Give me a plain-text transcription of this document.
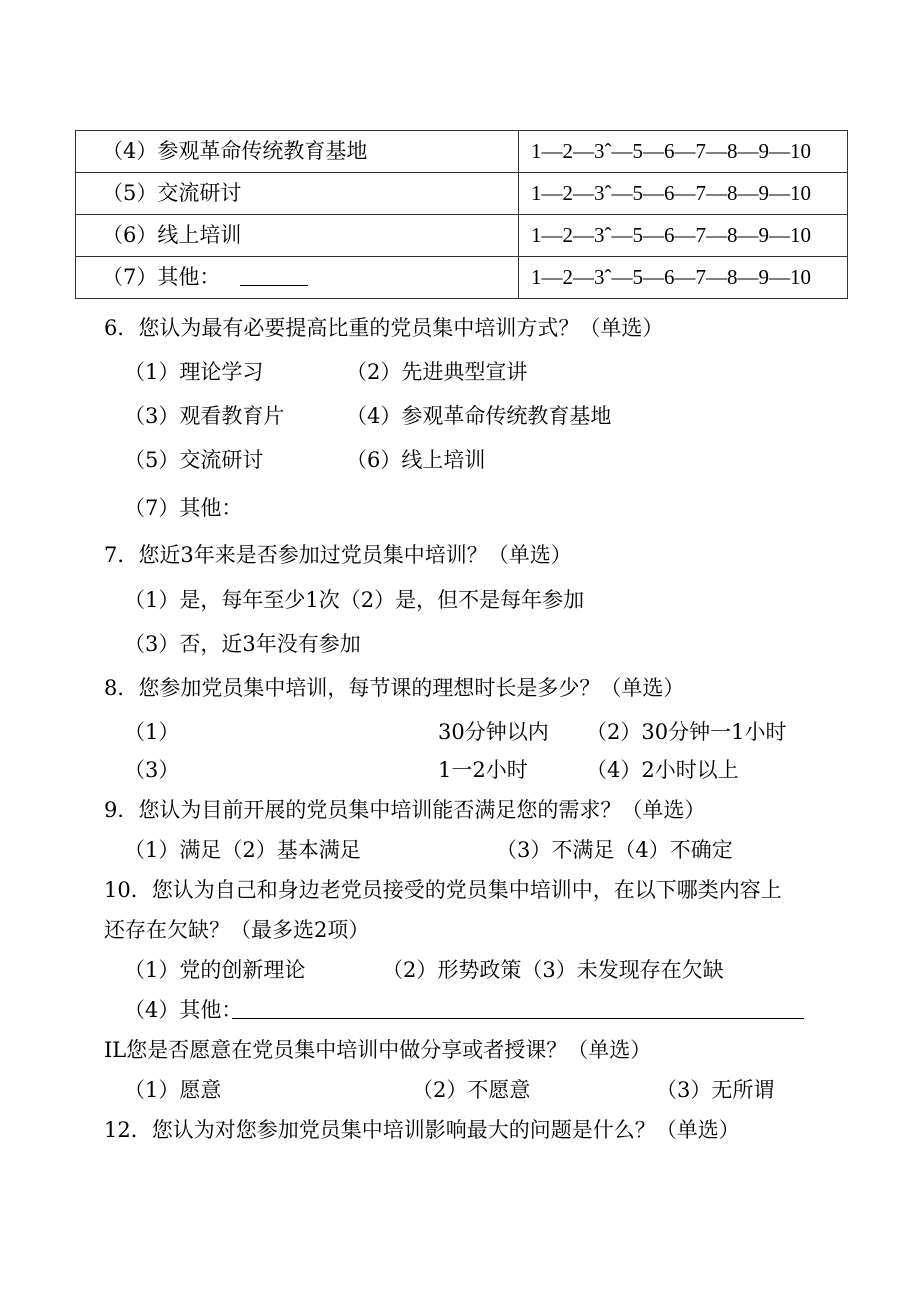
（4）参观革命传统教育基地	1—2—3ˆ—5—6—7—8—9—10
（5）交流研讨	1—2—3ˆ—5—6—7—8—9—10
（6）线上培训	1—2—3ˆ—5—6—7—8—9—10
（7）其他：	1—2—3ˆ—5—6—7—8—9—10
6．您认为最有必要提高比重的党员集中培训方式？（单选）
（1）理论学习	（2）先进典型宣讲
（3）观看教育片	（4）参观革命传统教育基地
（5）交流研讨	（6）线上培训
（7）其他：
7．您近3年来是否参加过党员集中培训？（单选）
（1）是，每年至少1次（2）是，但不是每年参加
（3）否，近3年没有参加
8．您参加党员集中培训，每节课的理想时长是多少？（单选）
（1）	30分钟以内 （2）30分钟一1小时
（3）	1一2小时	（4）2小时以上
9．您认为目前开展的党员集中培训能否满足您的需求？（单选）
（1）满足（2）基本满足	（3）不满足（4）不确定
10．您认为自己和身边老党员接受的党员集中培训中，在以下哪类内容上
还存在欠缺？（最多选2项）
（1）党的创新理论	（2）形势政策（3）未发现存在欠缺
（4）其他：
IL您是否愿意在党员集中培训中做分享或者授课？（单选）
（1）愿意	（2）不愿意	（3）无所谓
12．您认为对您参加党员集中培训影响最大的问题是什么？（单选）
